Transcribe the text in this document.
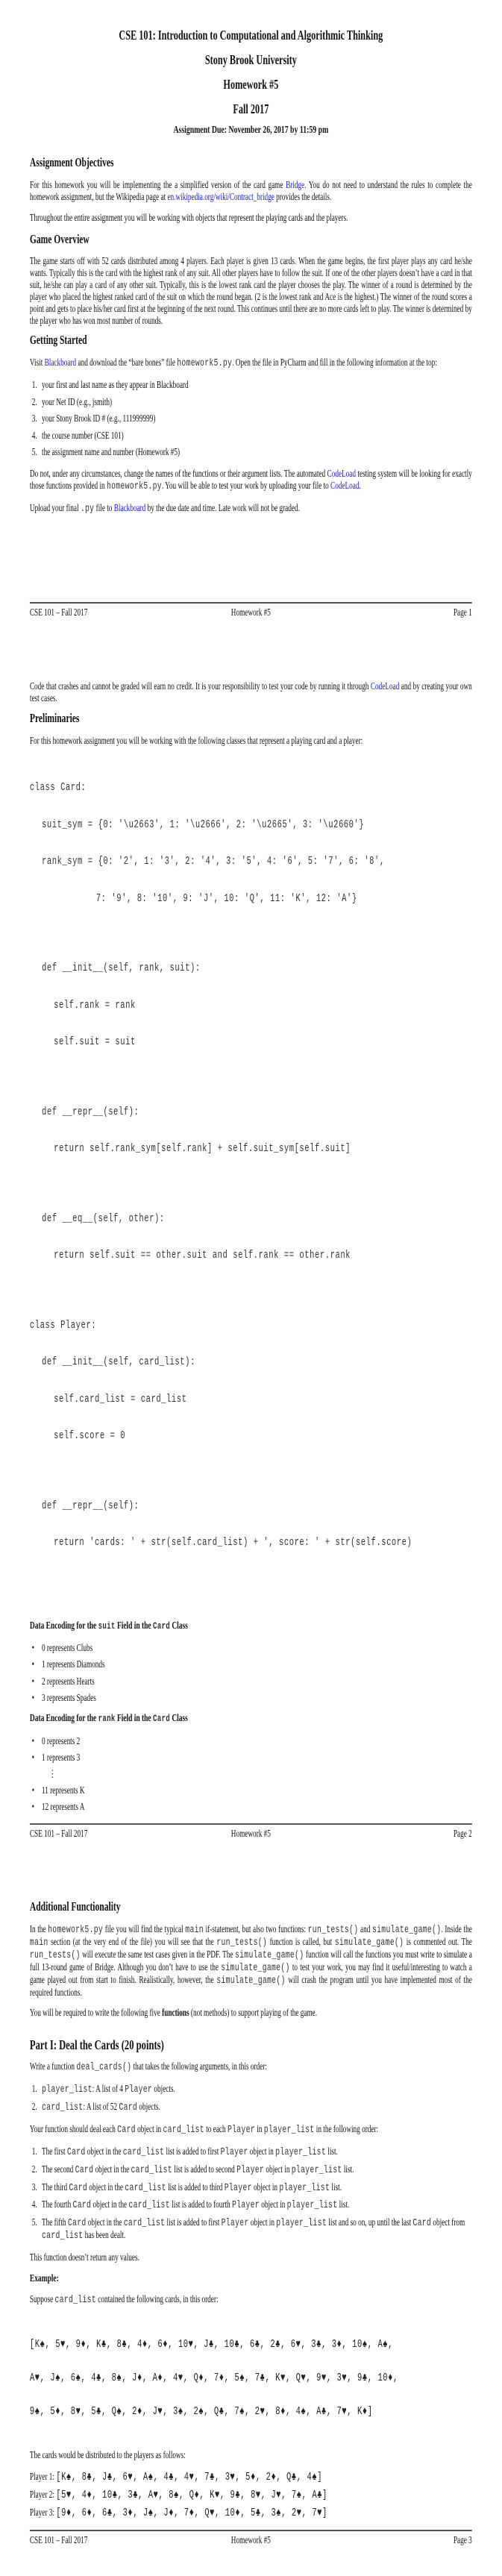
CSE 101: Introduction to Computational and Algorithmic Thinking
Stony Brook University
Homework #5
Fall 2017
Assignment Due: November 26, 2017 by 11:59 pm
Assignment Objectives
For this homework you will be implementing the a simplified version of the card game Bridge. You do not need to understand the rules to complete the homework assignment, but the Wikipedia page at en.wikipedia.org/wiki/Contract_bridge provides the details.
Throughout the entire assignment you will be working with objects that represent the playing cards and the players.
Game Overview
The game starts off with 52 cards distributed among 4 players. Each player is given 13 cards. When the game begins, the first player plays any card he/she wants. Typically this is the card with the highest rank of any suit. All other players have to follow the suit. If one of the other players doesn’t have a card in that suit, he/she can play a card of any other suit. Typically, this is the lowest rank card the player chooses the play. The winner of a round is determined by the player who placed the highest ranked card of the suit on which the round began. (2 is the lowest rank and Ace is the highest.) The winner of the round scores a point and gets to place his/her card first at the beginning of the next round. This continues until there are no more cards left to play. The winner is determined by the player who has won most number of rounds.
Getting Started
Visit Blackboard and download the “bare bones” file homework5.py. Open the file in PyCharm and fill in the following information at the top:
1. your first and last name as they appear in Blackboard
2. your Net ID (e.g., jsmith)
3. your Stony Brook ID # (e.g., 111999999)
4. the course number (CSE 101)
5. the assignment name and number (Homework #5)
Do not, under any circumstances, change the names of the functions or their argument lists. The automated CodeLoad testing system will be looking for exactly those functions provided in homework5.py. You will be able to test your work by uploading your file to CodeLoad.
Upload your final .py file to Blackboard by the due date and time. Late work will not be graded.
CSE 101 – Fall 2017	Homework #5	Page 1
Code that crashes and cannot be graded will earn no credit. It is your responsibility to test your code by running it through CodeLoad and by creating your own test cases.
Preliminaries
For this homework assignment you will be working with the following classes that represent a playing card and a player:

class Card:

suit_sym = {0: '\u2663', 1: '\u2666', 2: '\u2665', 3: '\u2660'}

rank_sym = {0: '2', 1: '3', 2: '4', 3: '5', 4: '6', 5: '7', 6: '8',

7: '9', 8: '10', 9: 'J', 10: 'Q', 11: 'K', 12: 'A'}

def __init__(self, rank, suit):

self.rank = rank

self.suit = suit

def __repr__(self):

return self.rank_sym[self.rank] + self.suit_sym[self.suit]

def __eq__(self, other):

return self.suit == other.suit and self.rank == other.rank

class Player:

def __init__(self, card_list):

self.card_list = card_list

self.score = 0

def __repr__(self):

return 'cards: ' + str(self.card_list) + ', score: ' + str(self.score)

Data Encoding for the suit Field in the Card Class
• 0 represents Clubs
• 1 represents Diamonds
• 2 represents Hearts
• 3 represents Spades
Data Encoding for the rank Field in the Card Class
• 0 represents 2
• 1 represents 3
⋮
• 11 represents K
• 12 represents A
CSE 101 – Fall 2017	Homework #5	Page 2
Additional Functionality
In the homework5.py file you will find the typical main if-statement, but also two functions: run_tests() and simulate_game(). Inside the main section (at the very end of the file) you will see that the run_tests() function is called, but simulate_game() is commented out. The run_tests() will execute the same test cases given in the PDF. The simulate_game() function will call the functions you must write to simulate a full 13-round game of Bridge. Although you don’t have to use the simulate_game() to test your work, you may find it useful/interesting to watch a game played out from start to finish. Realistically, however, the simulate_game() will crash the program until you have implemented most of the required functions.
You will be required to write the following five functions (not methods) to support playing of the game.
Part I: Deal the Cards (20 points)
Write a function deal_cards() that takes the following arguments, in this order:
1. player_list: A list of 4 Player objects.
2. card_list: A list of 52 Card objects.
Your function should deal each Card object in card_list to each Player in player_list in the following order:
1. The first Card object in the card_list list is added to first Player object in player_list list.
2. The second Card object in the card_list list is added to second Player object in player_list list.
3. The third Card object in the card_list list is added to third Player object in player_list list.
4. The fourth Card object in the card_list list is added to fourth Player object in player_list list.
5. The fifth Card object in the card_list list is added to first Player object in player_list list and so on, up until the last Card object from card_list has been dealt.
This function doesn’t return any values.
Example:
Suppose card_list contained the following cards, in this order:

[K♠, 5♥, 9♦, K♣, 8♣, 4♦, 6♦, 10♥, J♣, 10♣, 6♣, 2♣, 6♥, 3♣, 3♦, 10♠, A♠,

A♥, J♠, 6♠, 4♣, 8♠, J♦, A♦, 4♥, Q♦, 7♦, 5♠, 7♣, K♥, Q♥, 9♥, 3♥, 9♣, 10♦,

9♠, 5♦, 8♥, 5♣, Q♠, 2♦, J♥, 3♠, 2♠, Q♣, 7♠, 2♥, 8♦, 4♠, A♣, 7♥, K♦]

The cards would be distributed to the players as follows:
Player 1: [K♠, 8♣, J♣, 6♥, A♠, 4♣, 4♥, 7♣, 3♥, 5♦, 2♦, Q♣, 4♠]
Player 2: [5♥, 4♦, 10♣, 3♣, A♥, 8♠, Q♦, K♥, 9♣, 8♥, J♥, 7♠, A♣]
Player 3: [9♦, 6♦, 6♣, 3♦, J♠, J♦, 7♦, Q♥, 10♦, 5♣, 3♠, 2♥, 7♥]
CSE 101 – Fall 2017	Homework #5	Page 3
